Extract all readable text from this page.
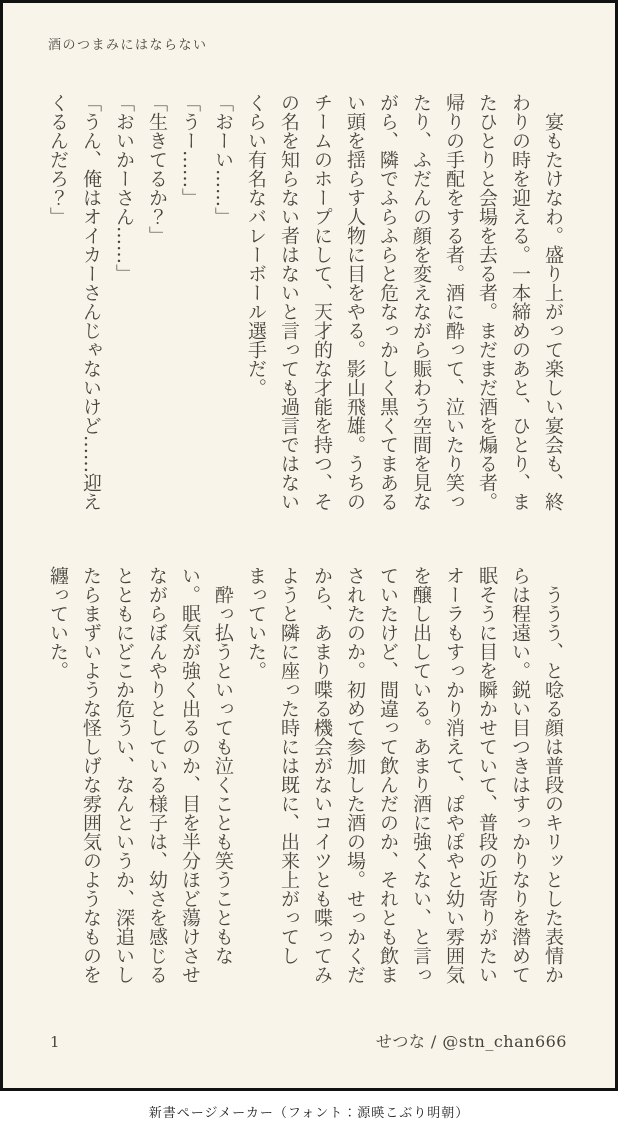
酒のつまみにはならない

宴もたけなわ。盛り上がって楽しい宴会も、終わりの時を迎える。一本締めのあと、ひとり、またひとりと会場を去る者。まだまだ酒を煽る者。帰りの手配をする者。酒に酔って、泣いたり笑ったり、ふだんの顔を変えながら賑わう空間を見ながら、隣でふらふらと危なっかしく黒くてまあるい頭を揺らす人物に目をやる。影山飛雄。うちのチームのホープにして、天才的な才能を持つ、その名を知らない者はないと言っても過言ではないくらい有名なバレーボール選手だ。

「おーい……」

「うー……」

「生きてるか？」

「おいかーさん……」

「うん、俺はオイカーさんじゃないけど……迎えくるんだろ？」

ううう、と唸る顔は普段のキリッとした表情からは程遠い。鋭い目つきはすっかりなりを潜めて眠そうに目を瞬かせていて、普段の近寄りがたいオーラもすっかり消えて、ぽやぽやと幼い雰囲気を醸し出している。あまり酒に強くない、と言っていたけど、間違って飲んだのか、それとも飲まされたのか。初めて参加した酒の場。せっかくだから、あまり喋る機会がないコイツとも喋ってみようと隣に座った時には既に、出来上がってしまっていた。

酔っ払うといっても泣くことも笑うこともない。眠気が強く出るのか、目を半分ほど蕩けさせながらぼんやりとしている様子は、幼さを感じるとともにどこか危うい、なんというか、深追いしたらまずいような怪しげな雰囲気のようなものを纏っていた。

1	せつな / @stn_chan666
新書ページメーカー（フォント：源暎こぶり明朝）
